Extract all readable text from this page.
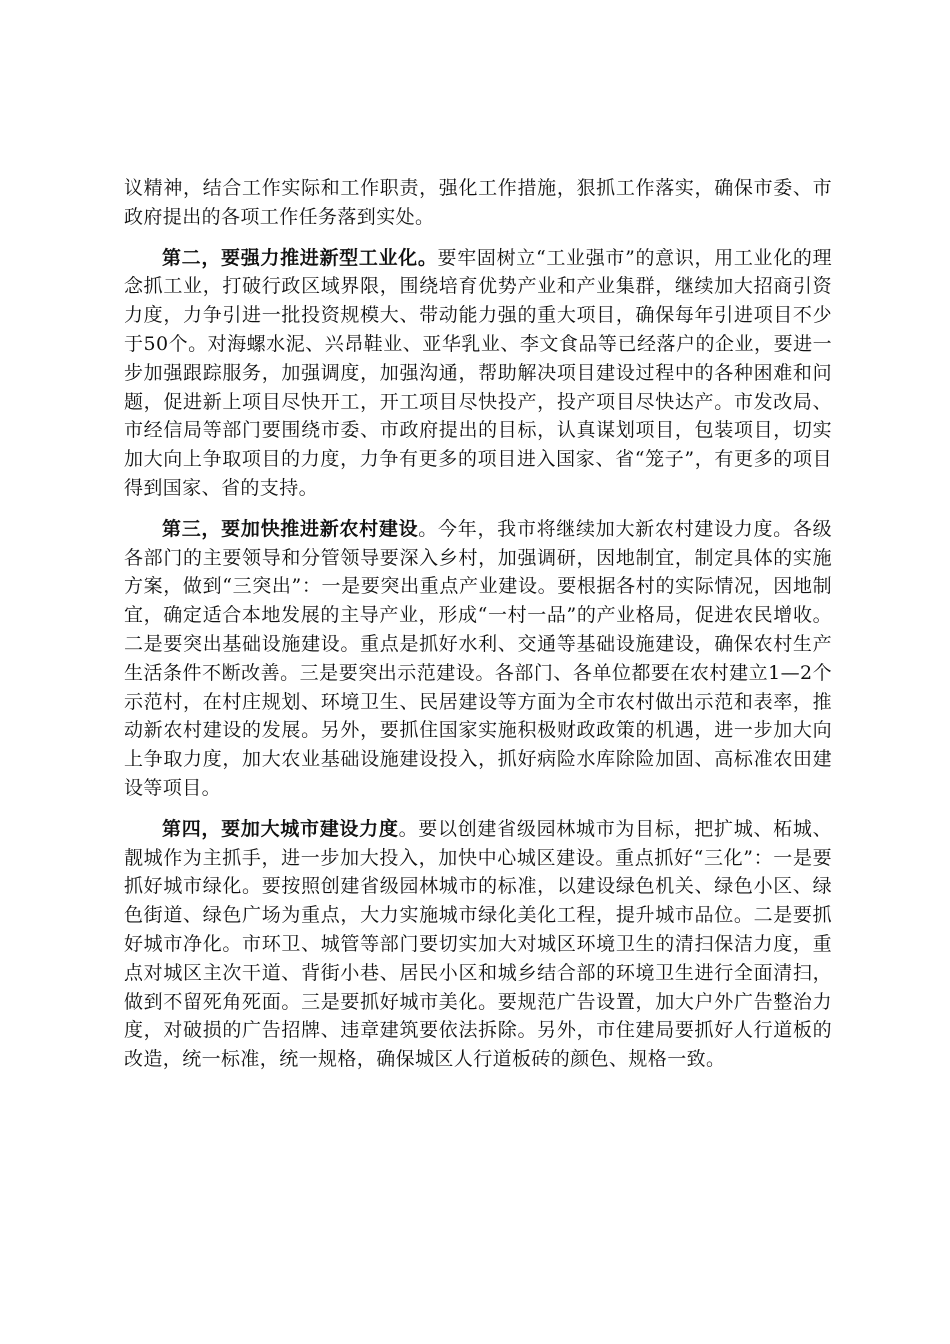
议精神，结合工作实际和工作职责，强化工作措施，狠抓工作落实，确保市委、市政府提出的各项工作任务落到实处。

第二，要强力推进新型工业化。要牢固树立“工业强市”的意识，用工业化的理念抓工业，打破行政区域界限，围绕培育优势产业和产业集群，继续加大招商引资力度，力争引进一批投资规模大、带动能力强的重大项目，确保每年引进项目不少于50个。对海螺水泥、兴昂鞋业、亚华乳业、李文食品等已经落户的企业，要进一步加强跟踪服务，加强调度，加强沟通，帮助解决项目建设过程中的各种困难和问题，促进新上项目尽快开工，开工项目尽快投产，投产项目尽快达产。市发改局、市经信局等部门要围绕市委、市政府提出的目标，认真谋划项目，包装项目，切实加大向上争取项目的力度，力争有更多的项目进入国家、省“笼子”，有更多的项目得到国家、省的支持。

第三，要加快推进新农村建设。今年，我市将继续加大新农村建设力度。各级各部门的主要领导和分管领导要深入乡村，加强调研，因地制宜，制定具体的实施方案，做到“三突出”：一是要突出重点产业建设。要根据各村的实际情况，因地制宜，确定适合本地发展的主导产业，形成“一村一品”的产业格局，促进农民增收。二是要突出基础设施建设。重点是抓好水利、交通等基础设施建设，确保农村生产生活条件不断改善。三是要突出示范建设。各部门、各单位都要在农村建立1—2个示范村，在村庄规划、环境卫生、民居建设等方面为全市农村做出示范和表率，推动新农村建设的发展。另外，要抓住国家实施积极财政政策的机遇，进一步加大向上争取力度，加大农业基础设施建设投入，抓好病险水库除险加固、高标准农田建设等项目。

第四，要加大城市建设力度。要以创建省级园林城市为目标，把扩城、柘城、靓城作为主抓手，进一步加大投入，加快中心城区建设。重点抓好“三化”：一是要抓好城市绿化。要按照创建省级园林城市的标准，以建设绿色机关、绿色小区、绿色街道、绿色广场为重点，大力实施城市绿化美化工程，提升城市品位。二是要抓好城市净化。市环卫、城管等部门要切实加大对城区环境卫生的清扫保洁力度，重点对城区主次干道、背街小巷、居民小区和城乡结合部的环境卫生进行全面清扫，做到不留死角死面。三是要抓好城市美化。要规范广告设置，加大户外广告整治力度，对破损的广告招牌、违章建筑要依法拆除。另外，市住建局要抓好人行道板的改造，统一标准，统一规格，确保城区人行道板砖的颜色、规格一致。
